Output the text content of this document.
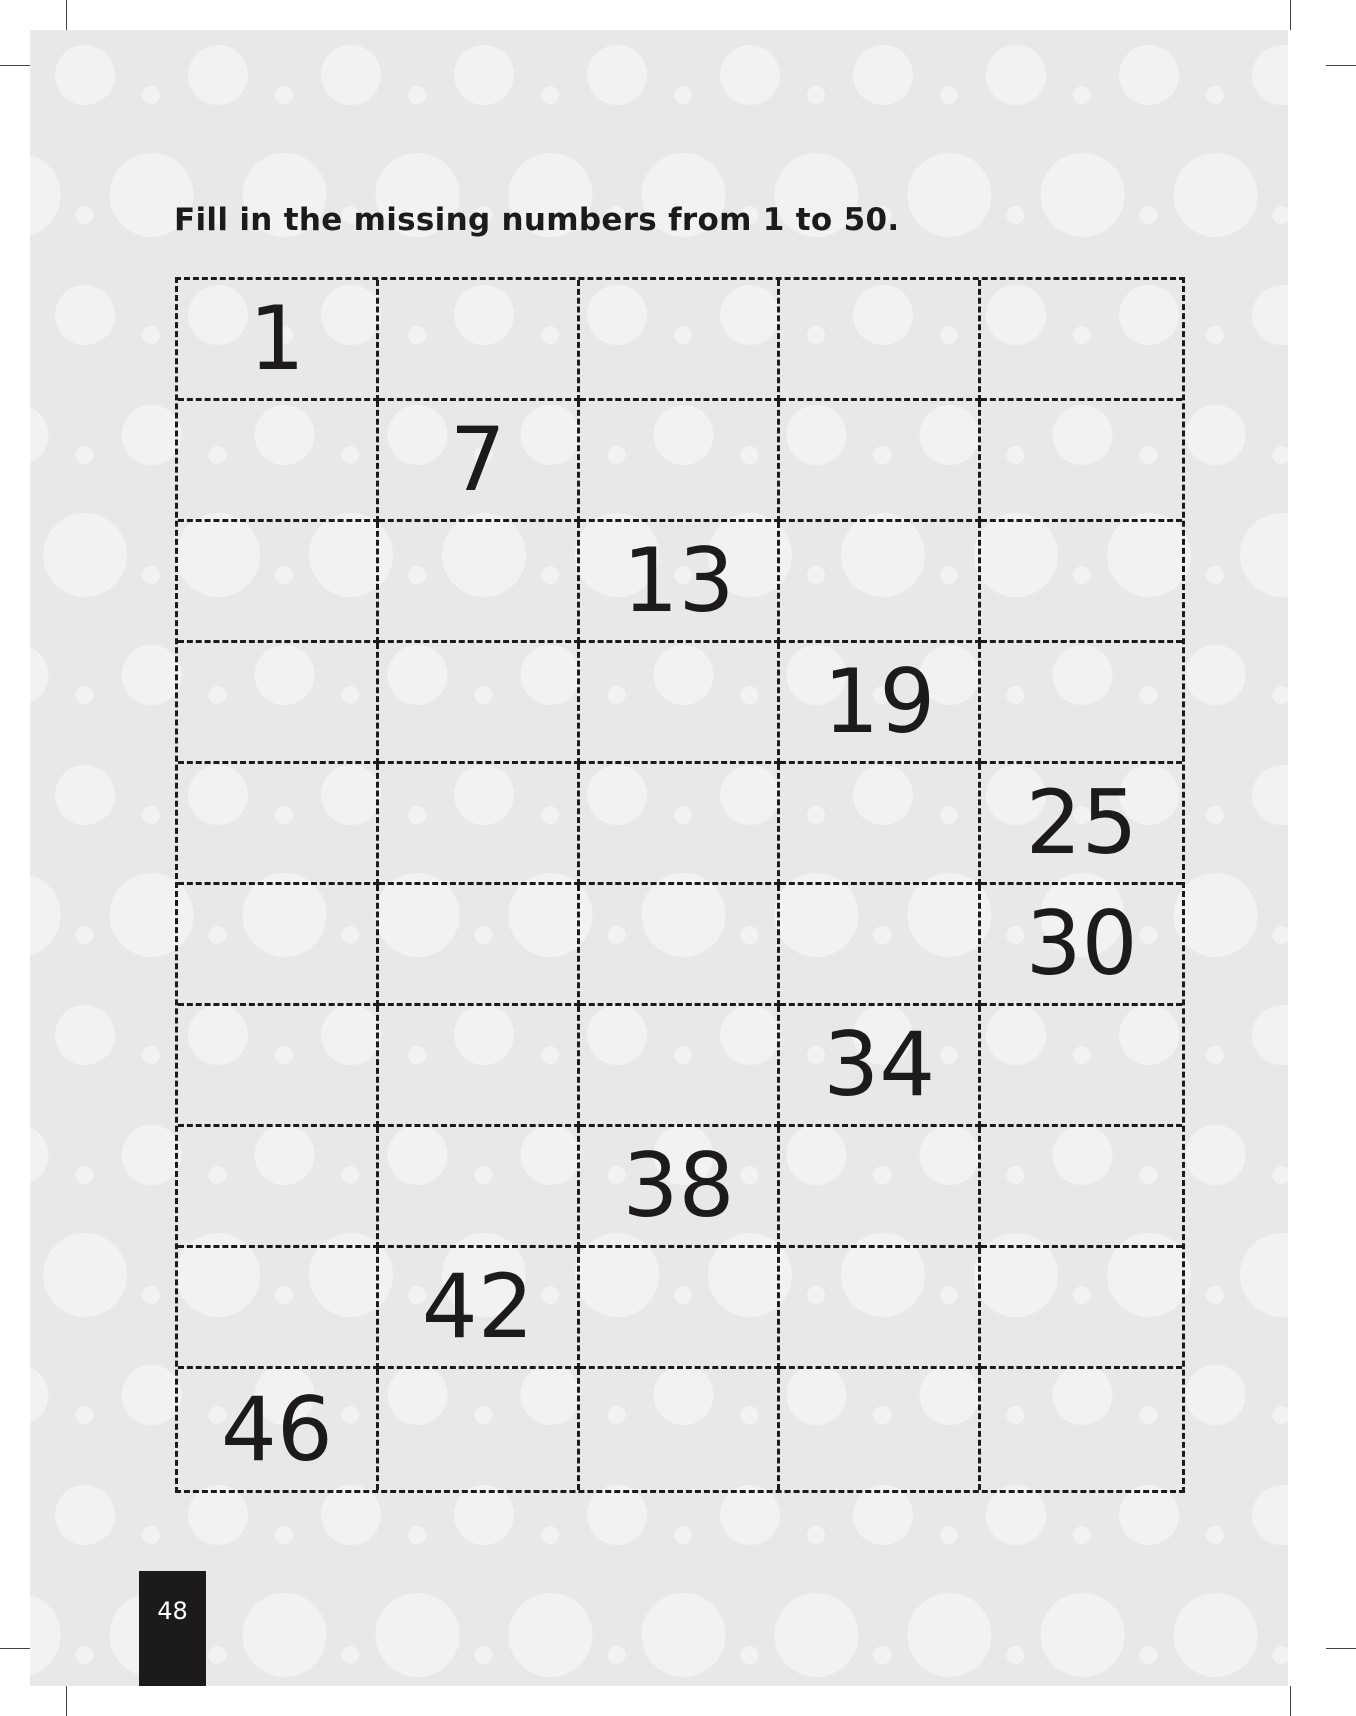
Fill in the missing numbers from 1 to 50.
1
7
13
19
25
30
34
38
42
46
48
